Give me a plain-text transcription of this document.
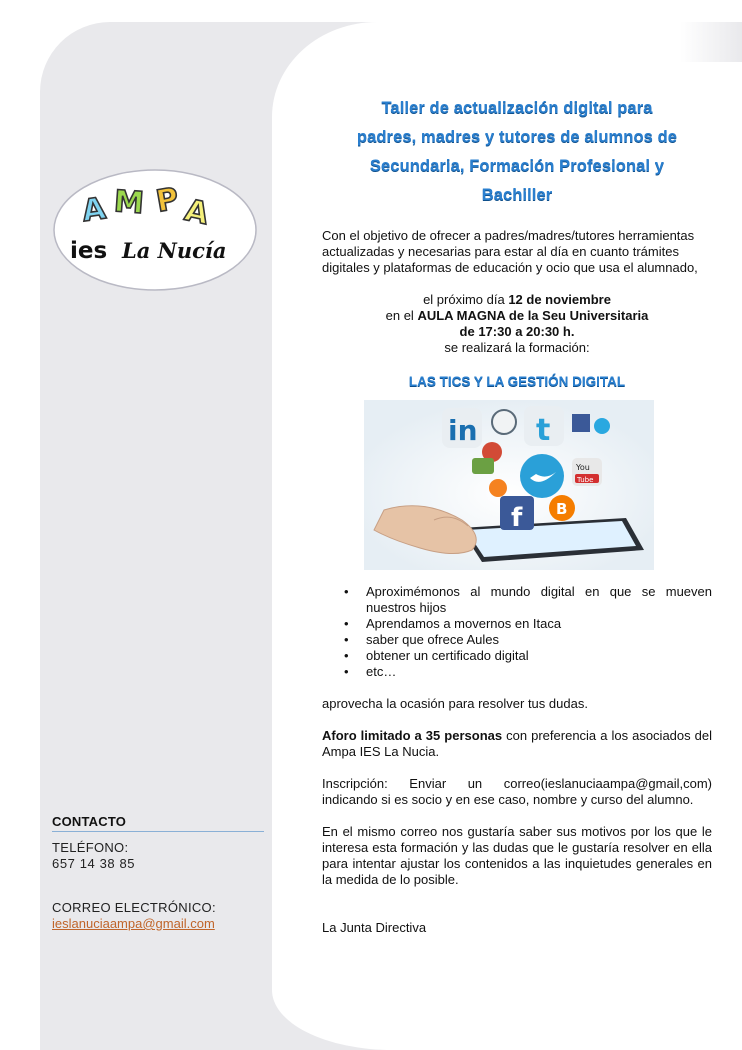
A M P A
ies La Nucía
CONTACTO
TELÉFONO:
657 14 38 85
CORREO ELECTRÓNICO:
ieslanuciaampa@gmail.com
Taller de actualización digital para
padres, madres y tutores de alumnos de
Secundaria, Formación Profesional y
Bachiller

Con el objetivo de ofrecer a padres/madres/tutores herramientas actualizadas y necesarias para estar al día en cuanto trámites digitales y plataformas de educación y ocio que usa el alumnado,

el próximo día 12 de noviembre
en el AULA MAGNA de la Seu Universitaria
de 17:30 a 20:30 h.
se realizará la formación:
LAS TICS Y LA GESTIÓN DIGITAL
in t
You
Tube
f B
• Aproximémonos al mundo digital en que se mueven nuestros hijos
• Aprendamos a movernos en Itaca
• saber que ofrece Aules
• obtener un certificado digital
• etc…

aprovecha la ocasión para resolver tus dudas.

Aforo limitado a 35 personas con preferencia a los asociados del Ampa IES La Nucia.

Inscripción: Enviar un correo(ieslanuciaampa@gmail,com) indicando si es socio y en ese caso, nombre y curso del alumno.

En el mismo correo nos gustaría saber sus motivos por los que le interesa esta formación y las dudas que le gustaría resolver en ella para intentar ajustar los contenidos a las inquietudes generales en la medida de lo posible.

La Junta Directiva
